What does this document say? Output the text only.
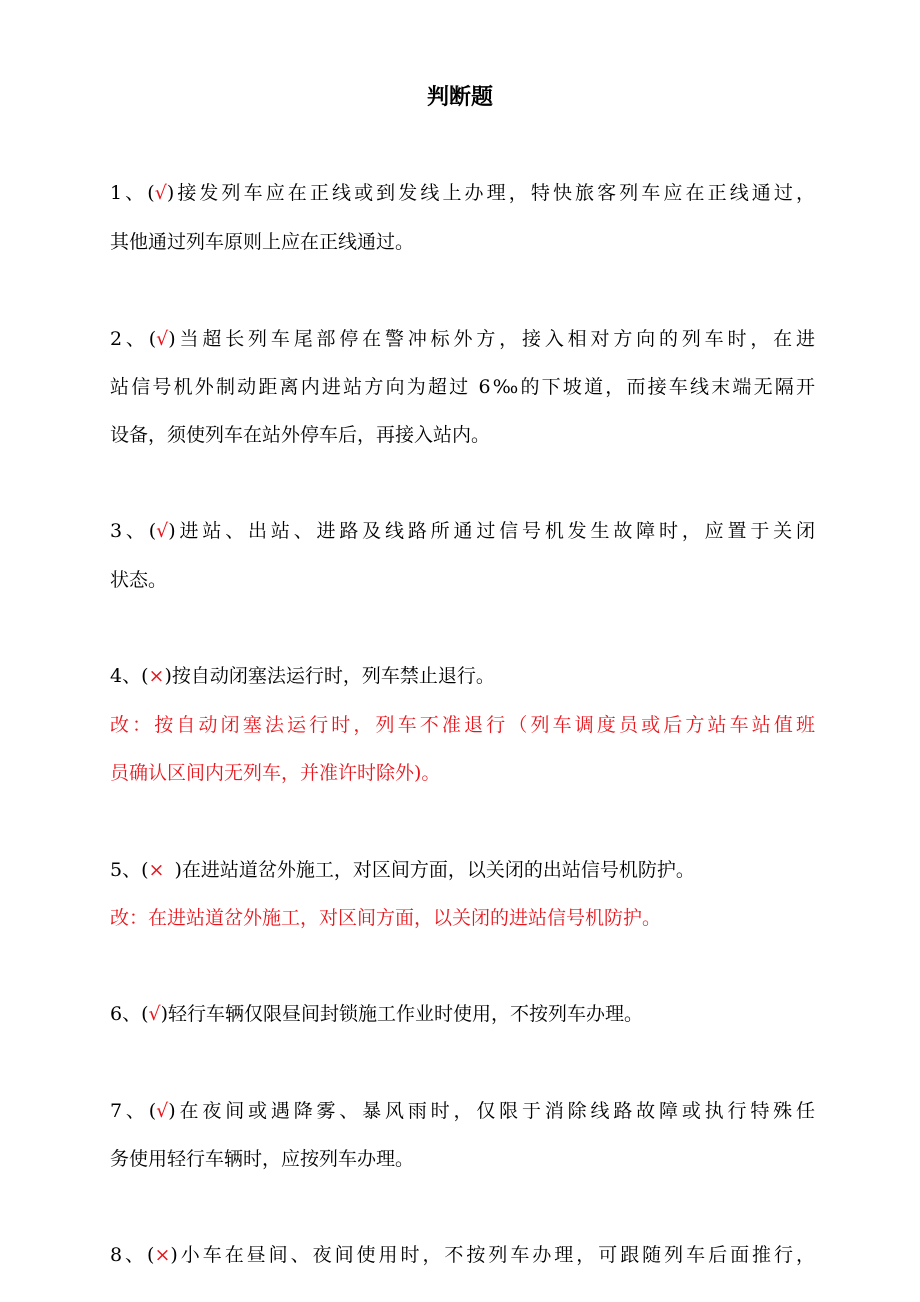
判断题
1、(√)接发列车应在正线或到发线上办理，特快旅客列车应在正线通过，
其他通过列车原则上应在正线通过。
2、(√)当超长列车尾部停在警冲标外方，接入相对方向的列车时，在进
站信号机外制动距离内进站方向为超过 6‰的下坡道，而接车线末端无隔开
设备，须使列车在站外停车后，再接入站内。
3、(√)进站、出站、进路及线路所通过信号机发生故障时，应置于关闭
状态。
4、(×)按自动闭塞法运行时，列车禁止退行。
改：按自动闭塞法运行时，列车不准退行（列车调度员或后方站车站值班
员确认区间内无列车，并准许时除外)。
5、(× )在进站道岔外施工，对区间方面，以关闭的出站信号机防护。
改：在进站道岔外施工，对区间方面，以关闭的进站信号机防护。
6、(√)轻行车辆仅限昼间封锁施工作业时使用，不按列车办理。
7、(√)在夜间或遇降雾、暴风雨时，仅限于消除线路故障或执行特殊任
务使用轻行车辆时，应按列车办理。
8、(×)小车在昼间、夜间使用时，不按列车办理，可跟随列车后面推行，
